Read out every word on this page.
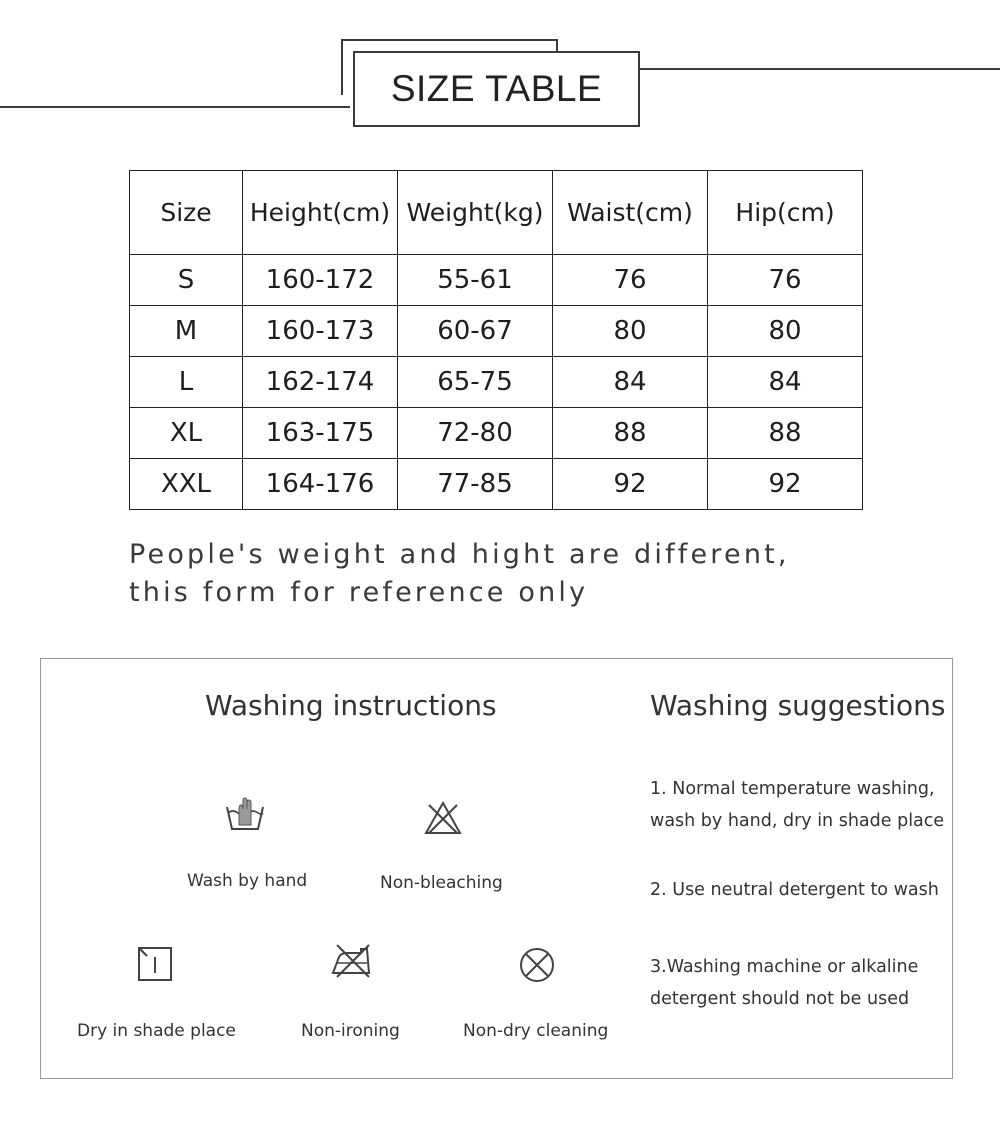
SIZE TABLE
Size	Height(cm)	Weight(kg)	Waist(cm)	Hip(cm)
S	160-172	55-61	76	76
M	160-173	60-67	80	80
L	162-174	65-75	84	84
XL	163-175	72-80	88	88
XXL	164-176	77-85	92	92
People's weight and hight are different,
this form for reference only
Washing instructions	Washing suggestions
Wash by hand	Non-bleaching
Dry in shade place	Non-ironing	Non-dry cleaning
1. Normal temperature washing,
wash by hand, dry in shade place
2. Use neutral detergent to wash
3.Washing machine or alkaline
detergent should not be used
